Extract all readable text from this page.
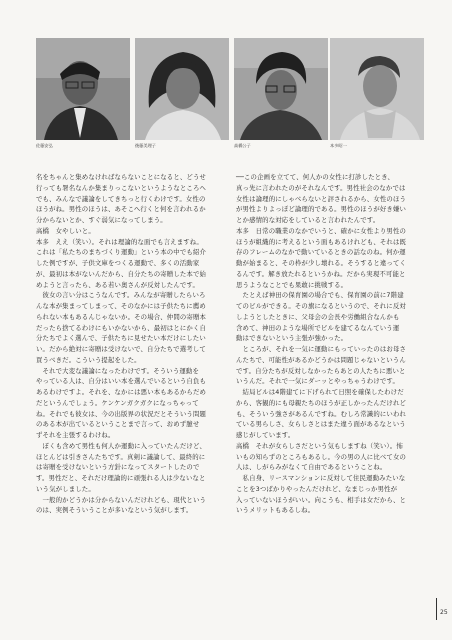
佐藤安弘	後藤美理子	高橋公子	本多昭一

名をちゃんと集めなければならないことになると、どうせ

行っても署名なんか集まりっこないというようなところへ

でも、みんなで議論をしてきちっと行くわけです。女性の

ほうがね。男性のほうは、あそこへ行くと何を言われるか

分からないとか、すぐ弱気になってしまう。

高橋　女やしいと。

本多　ええ（笑い）。それは理論的な面でも言えますね。

これは「私たちのまちづくり運動」という本の中でも紹介

した例ですが、子供文庫をつくる運動で、多くの活動家

が、最初は本がないんだから、自分たちの寄贈した本で始

めようと言ったら、ある若い奥さんが反対したんです。

　彼女の言い分はこうなんです。みんなが寄贈したらいろ

んな本が集まってしまって、そのなかには子供たちに薦め

られない本もあるんじゃないか。その場合、仲間の寄贈本

だったら捨てるわけにもいかないから、最初はとにかく自

分たちでよく選んで、子供たちに見せたい本だけにしたい

い。だから絶対に寄贈は受けないで、自分たちで選考して

買うべきだ。こういう提起をした。

　それで大変な議論になったわけです。そういう運動を

やっている人は、自分はいい本を選んでいるという自負も

あるわけですよ。それを、なかには悪い本もあるからだめ

だというんでしょう。ケンケンガクガクになっちゃって

ね。それでも彼女は、今の出版界の状況だとそういう問題

のある本が出ているということまで言って、おめず臆せ

ずそれを主張するわけね。

　ぼくも含めて男性も何人か運動に入っていたんだけど、

ほとんどは引きさんたちです。真剣に議論して、最終的に

は寄贈を受けないという方針になってスタートしたので

す。男性だと、それだけ理論的に頑張れる人は少ないなと

いう気がしました。

　一般的かどうかは分からないんだけれども、現代という

のは、実例そういうことが多いなという気がします。

──この企画を立てて、何人かの女性に打診したとき、

真っ先に言われたのがそれなんです。男性社会のなかでは

女性は論理的にしゃべらないと評されるから、女性のほう

が男性よりよっぽど論理的である。男性のほうが好き嫌い

とか感情的な対応をしていると言われたんです。

本多　日常の職業のなかでいうと、確かに女性より男性の

ほうが組織的に考えるという面もあるけれども、それは既

存のフレームのなかで動いているときの話なのね。何か運

動が始まると、その枠が少し壊れる。そうすると違ってく

るんです。解き放たれるというかね。だから実現不可能と

思うようなことでも果敢に挑戦する。

　たとえば神田の保育園の場合でも、保育園の前に7階建

てのビルができる。その旗になるというので、それに反対

しようとしたときに、父母会の会長や労働組合なんかも

含めて、神田のような場所でビルを建てるなんていう運

動はできないという主張が強かった。

　ところが、それを一気に運動にもっていったのはお母さ

んたちで、可能性があるかどうかは問題じゃないというん

です。自分たちが反対しなかったらあとの人たちに悪いと

いうんだ。それで一気にダーッとやっちゃうわけです。

　結局ビルは4階建てに下げられて日照を確保したわけだ

から、客観的にも母親たちのほうが正しかったんだけれど

も、そういう強さがあるんですね。むしろ常識的にいわれ

ている男らしさ、女らしさとはまた違う面があるなという

感じがしています。

高橋　それが女らしさだという気もしますね（笑い）。怖

いもの知らずのところもあるし。今の男の人に比べて女の

人は、しがらみがなくて自由であるということね。

　私自身、リースマンションに反対して住民運動みたいな

ことを3つばかりやったんだけれど、なまじっか男性が

入っていないほうがいい。向こうも、相手は女だから、と

いうメリットもあるしね。

25
